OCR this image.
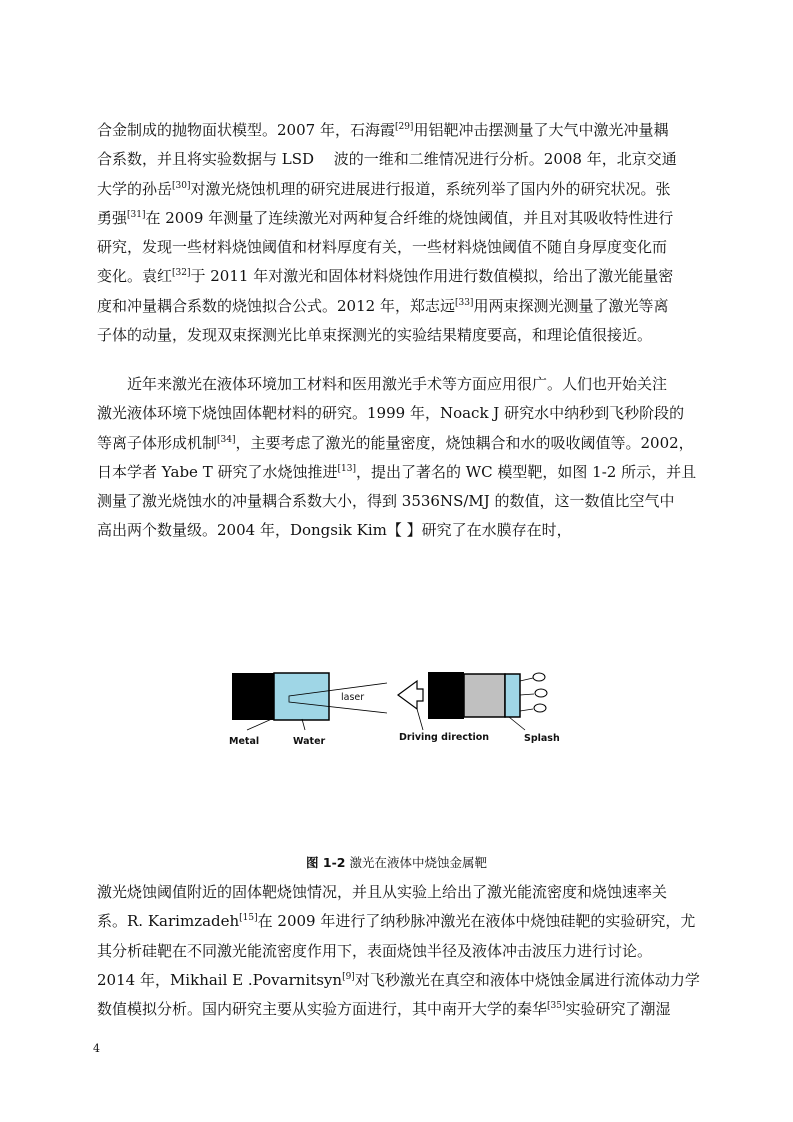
合金制成的抛物面状模型。2007 年，石海霞[29]用铝靶冲击摆测量了大气中激光冲量耦
合系数，并且将实验数据与 LSD　 波的一维和二维情况进行分析。2008 年，北京交通
大学的孙岳[30]对激光烧蚀机理的研究进展进行报道，系统列举了国内外的研究状况。张
勇强[31]在 2009 年测量了连续激光对两种复合纤维的烧蚀阈值，并且对其吸收特性进行
研究，发现一些材料烧蚀阈值和材料厚度有关，一些材料烧蚀阈值不随自身厚度变化而
变化。袁红[32]于 2011 年对激光和固体材料烧蚀作用进行数值模拟，给出了激光能量密
度和冲量耦合系数的烧蚀拟合公式。2012 年，郑志远[33]用两束探测光测量了激光等离
子体的动量，发现双束探测光比单束探测光的实验结果精度要高，和理论值很接近。
　　近年来激光在液体环境加工材料和医用激光手术等方面应用很广。人们也开始关注
激光液体环境下烧蚀固体靶材料的研究。1999 年，Noack J 研究水中纳秒到飞秒阶段的
等离子体形成机制[34]，主要考虑了激光的能量密度，烧蚀耦合和水的吸收阈值等。2002，
日本学者 Yabe T 研究了水烧蚀推进[13]，提出了著名的 WC 模型靶，如图 1-2 所示，并且
测量了激光烧蚀水的冲量耦合系数大小，得到 3536NS/MJ 的数值，这一数值比空气中
高出两个数量级。2004 年，Dongsik Kim【 】研究了在水膜存在时，
laser
Metal	Water	Driving direction	Splash
图 1-2 激光在液体中烧蚀金属靶
激光烧蚀阈值附近的固体靶烧蚀情况，并且从实验上给出了激光能流密度和烧蚀速率关
系。R. Karimzadeh[15]在 2009 年进行了纳秒脉冲激光在液体中烧蚀硅靶的实验研究，尤
其分析硅靶在不同激光能流密度作用下，表面烧蚀半径及液体冲击波压力进行讨论。
2014 年，Mikhail E .Povarnitsyn[9]对飞秒激光在真空和液体中烧蚀金属进行流体动力学
数值模拟分析。国内研究主要从实验方面进行，其中南开大学的秦华[35]实验研究了潮湿
4
